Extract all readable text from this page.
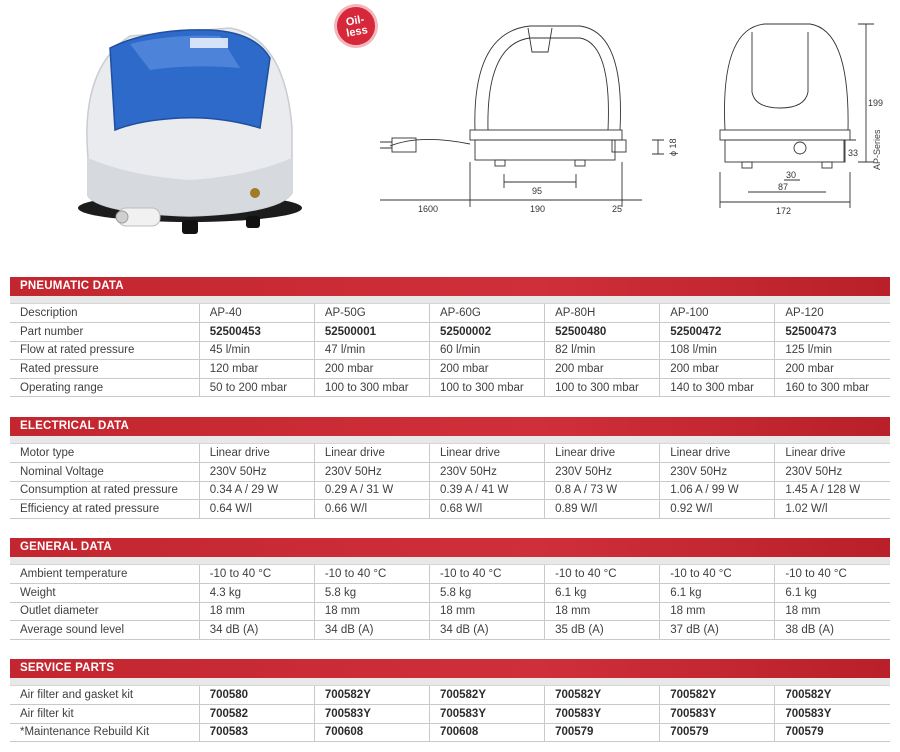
Oil-
less
1600	190	25
95
ϕ 18
199
33
30
87
172
AP-Series
PNEUMATIC DATA
Description	AP-40	AP-50G	AP-60G	AP-80H	AP-100	AP-120
Part number	52500453	52500001	52500002	52500480	52500472	52500473
Flow at rated pressure	45 l/min	47 l/min	60 l/min	82 l/min	108 l/min	125 l/min
Rated pressure	120 mbar	200 mbar	200 mbar	200 mbar	200 mbar	200 mbar
Operating range	50 to 200 mbar	100 to 300 mbar	100 to 300 mbar	100 to 300 mbar	140 to 300 mbar	160 to 300 mbar
ELECTRICAL DATA
Motor type	Linear drive	Linear drive	Linear drive	Linear drive	Linear drive	Linear drive
Nominal Voltage	230V 50Hz	230V 50Hz	230V 50Hz	230V 50Hz	230V 50Hz	230V 50Hz
Consumption at rated pressure	0.34 A / 29 W	0.29 A / 31 W	0.39 A / 41 W	0.8 A / 73 W	1.06 A / 99 W	1.45 A / 128 W
Efficiency at rated pressure	0.64 W/l	0.66 W/l	0.68 W/l	0.89 W/l	0.92 W/l	1.02 W/l
GENERAL DATA
Ambient temperature	-10 to 40 °C	-10 to 40 °C	-10 to 40 °C	-10 to 40 °C	-10 to 40 °C	-10 to 40 °C
Weight	4.3 kg	5.8 kg	5.8 kg	6.1 kg	6.1 kg	6.1 kg
Outlet diameter	18 mm	18 mm	18 mm	18 mm	18 mm	18 mm
Average sound level	34 dB (A)	34 dB (A)	34 dB (A)	35 dB (A)	37 dB (A)	38 dB (A)
SERVICE PARTS
Air filter and gasket kit	700580	700582Y	700582Y	700582Y	700582Y	700582Y
Air filter kit	700582	700583Y	700583Y	700583Y	700583Y	700583Y
*Maintenance Rebuild Kit	700583	700608	700608	700579	700579	700579
